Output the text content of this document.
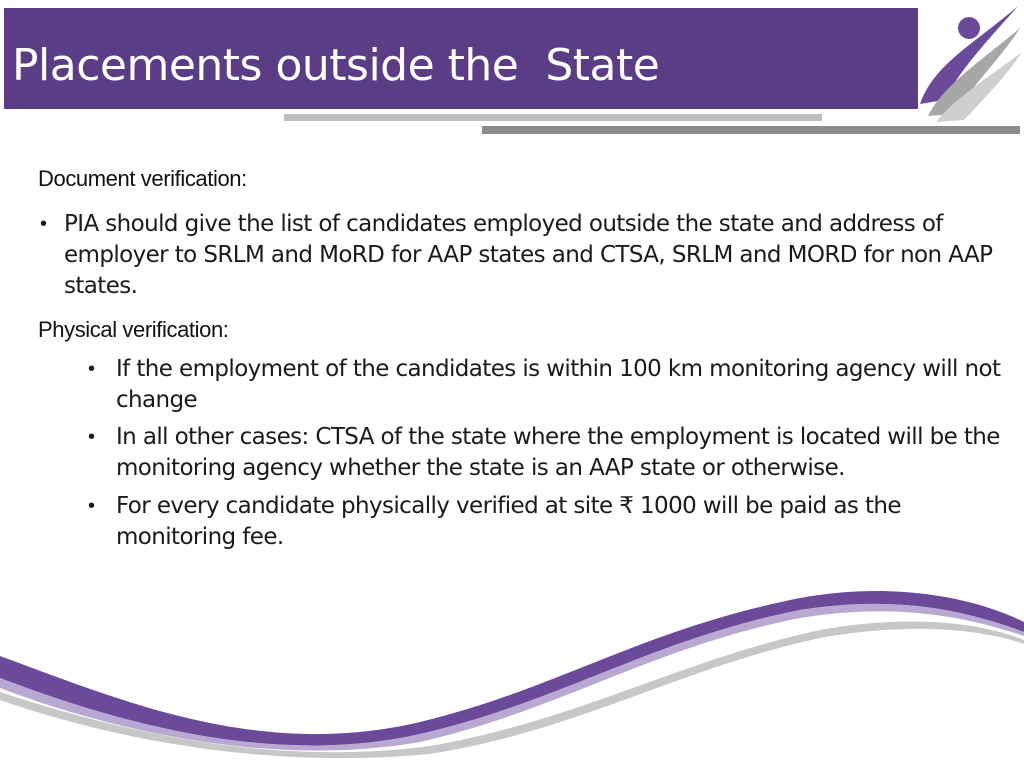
Placements outside the  State
Document verification:
• PIA should give the list of candidates employed outside the state and address of employer to SRLM and MoRD for AAP states and CTSA, SRLM and MORD for non AAP states.
Physical verification:
• If the employment of the candidates is within 100 km monitoring agency will not change
• In all other cases: CTSA of the state where the employment is located will be the monitoring agency whether the state is an AAP state or otherwise.
• For every candidate physically verified at site ₹ 1000 will be paid as the monitoring fee.
